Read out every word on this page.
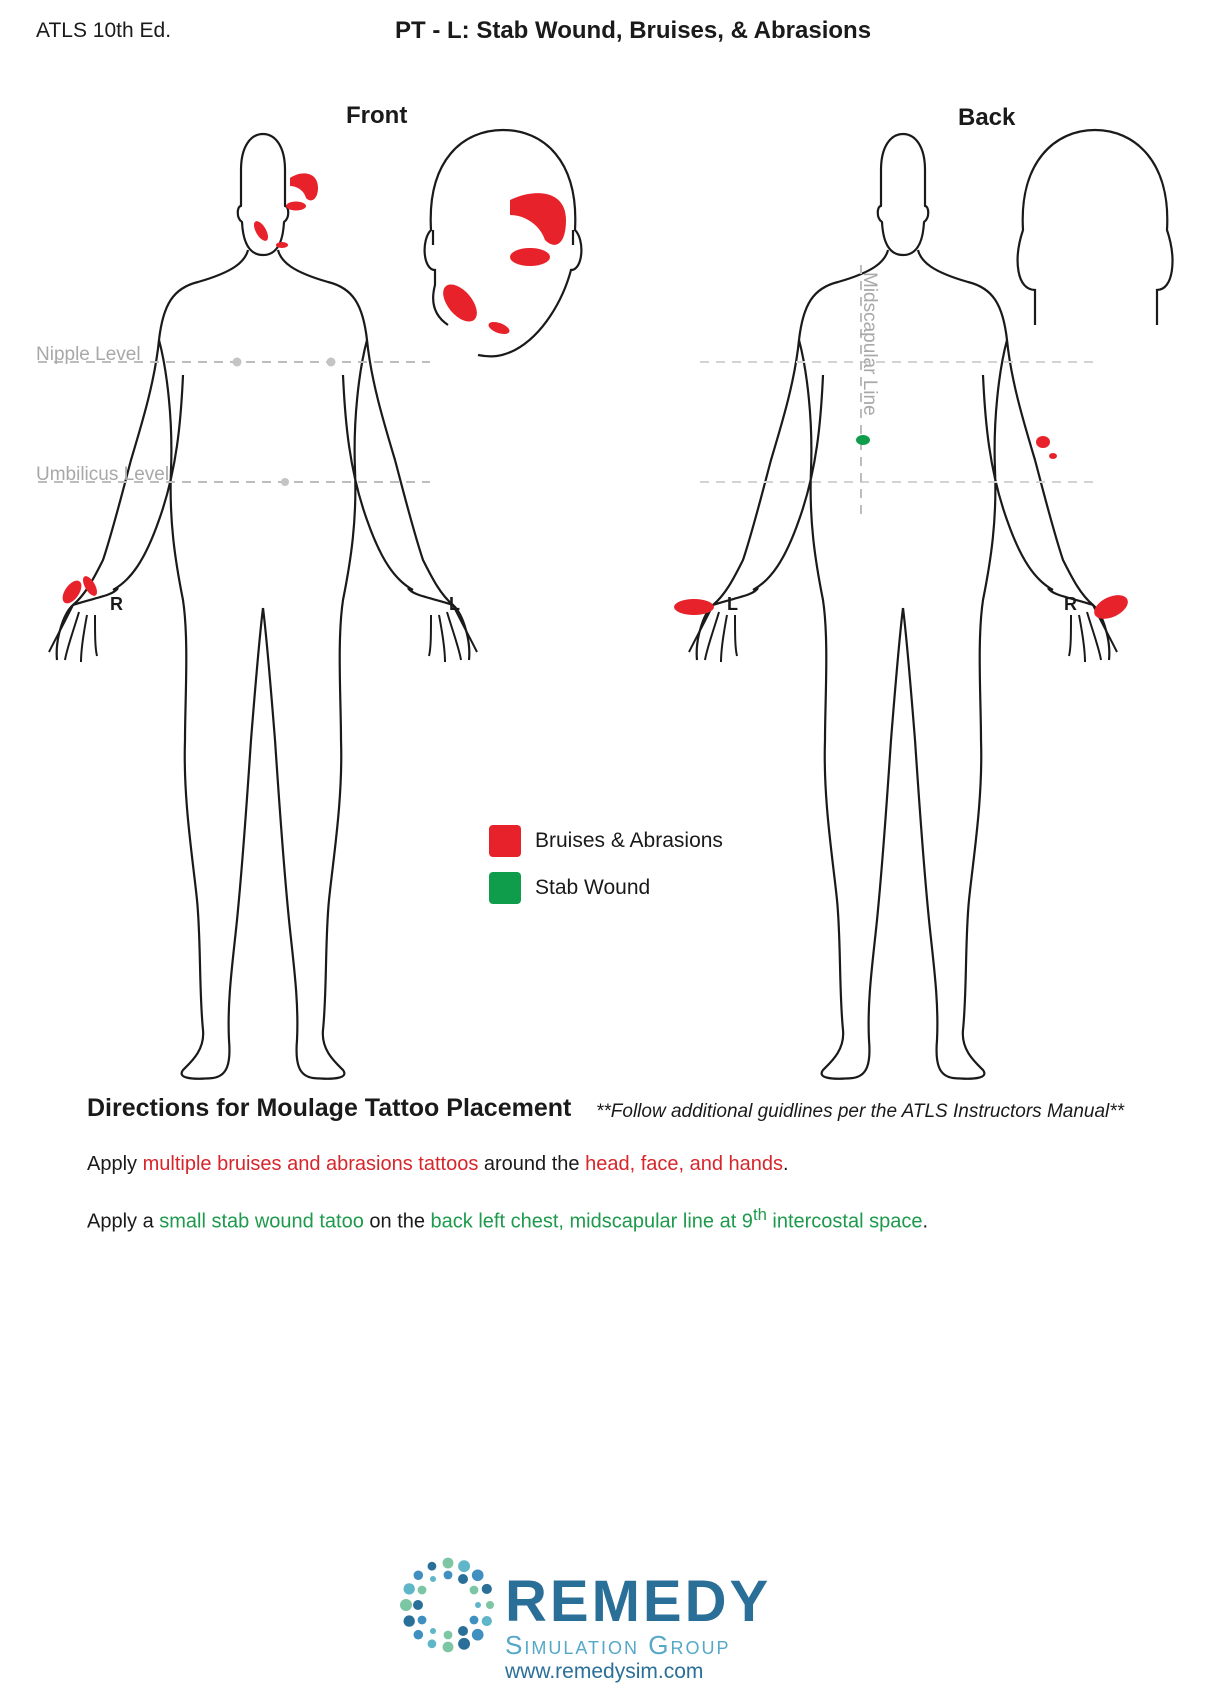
ATLS 10th Ed.	PT - L: Stab Wound, Bruises, & Abrasions
Front	Back
Nipple Level
Umbilicus Level
Midscapular Line
R	L	L	R
Bruises & Abrasions
Stab Wound
Directions for Moulage Tattoo Placement **Follow additional guidlines per the ATLS Instructors Manual**
Apply multiple bruises and abrasions tattoos around the head, face, and hands.
Apply a small stab wound tatoo on the back left chest, midscapular line at 9th intercostal space.
REMEDY
Simulation Group
www.remedysim.com
